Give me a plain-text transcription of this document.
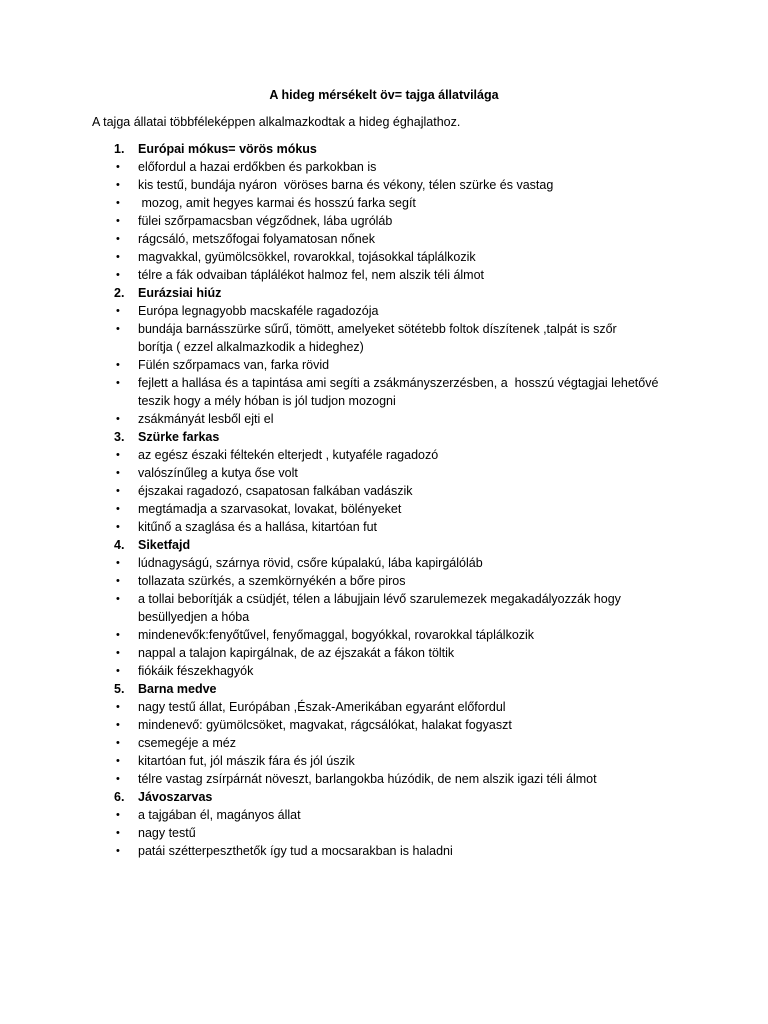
A hideg mérsékelt öv= tajga állatvilága
A tajga állatai többféleképpen alkalmazkodtak a hideg éghajlathoz.
1.	Európai mókus= vörös mókus
•	előfordul a hazai erdőkben és parkokban is
•	kis testű, bundája nyáron  vöröses barna és vékony, télen szürke és vastag
•	mozog, amit hegyes karmai és hosszú farka segít
•	fülei szőrpamacsban végződnek, lába ugróláb
•	rágcsáló, metszőfogai folyamatosan nőnek
•	magvakkal, gyümölcsökkel, rovarokkal, tojásokkal táplálkozik
•	télre a fák odvaiban táplálékot halmoz fel, nem alszik téli álmot
2.	Eurázsiai hiúz
•	Európa legnagyobb macskaféle ragadozója
•	bundája barnásszürke sűrű, tömött, amelyeket sötétebb foltok díszítenek ,talpát is szőr
borítja ( ezzel alkalmazkodik a hideghez)
•	Fülén szőrpamacs van, farka rövid
•	fejlett a hallása és a tapintása ami segíti a zsákmányszerzésben, a  hosszú végtagjai lehetővé
teszik hogy a mély hóban is jól tudjon mozogni
•	zsákmányát lesből ejti el
3.	Szürke farkas
•	az egész északi féltekén elterjedt , kutyaféle ragadozó
•	valószínűleg a kutya őse volt
•	éjszakai ragadozó, csapatosan falkában vadászik
•	megtámadja a szarvasokat, lovakat, bölényeket
•	kitűnő a szaglása és a hallása, kitartóan fut
4.	Siketfajd
•	lúdnagyságú, szárnya rövid, csőre kúpalakú, lába kapirgálóláb
•	tollazata szürkés, a szemkörnyékén a bőre piros
•	a tollai beborítják a csüdjét, télen a lábujjain lévő szarulemezek megakadályozzák hogy
besüllyedjen a hóba
•	mindenevők:fenyőtűvel, fenyőmaggal, bogyókkal, rovarokkal táplálkozik
•	nappal a talajon kapirgálnak, de az éjszakát a fákon töltik
•	fiókáik fészekhagyók
5.	Barna medve
•	nagy testű állat, Európában ,Észak-Amerikában egyaránt előfordul
•	mindenevő: gyümölcsöket, magvakat, rágcsálókat, halakat fogyaszt
•	csemegéje a méz
•	kitartóan fut, jól mászik fára és jól úszik
•	télre vastag zsírpárnát növeszt, barlangokba húzódik, de nem alszik igazi téli álmot
6.	Jávoszarvas
•	a tajgában él, magányos állat
•	nagy testű
•	patái szétterpeszthetők így tud a mocsarakban is haladni
